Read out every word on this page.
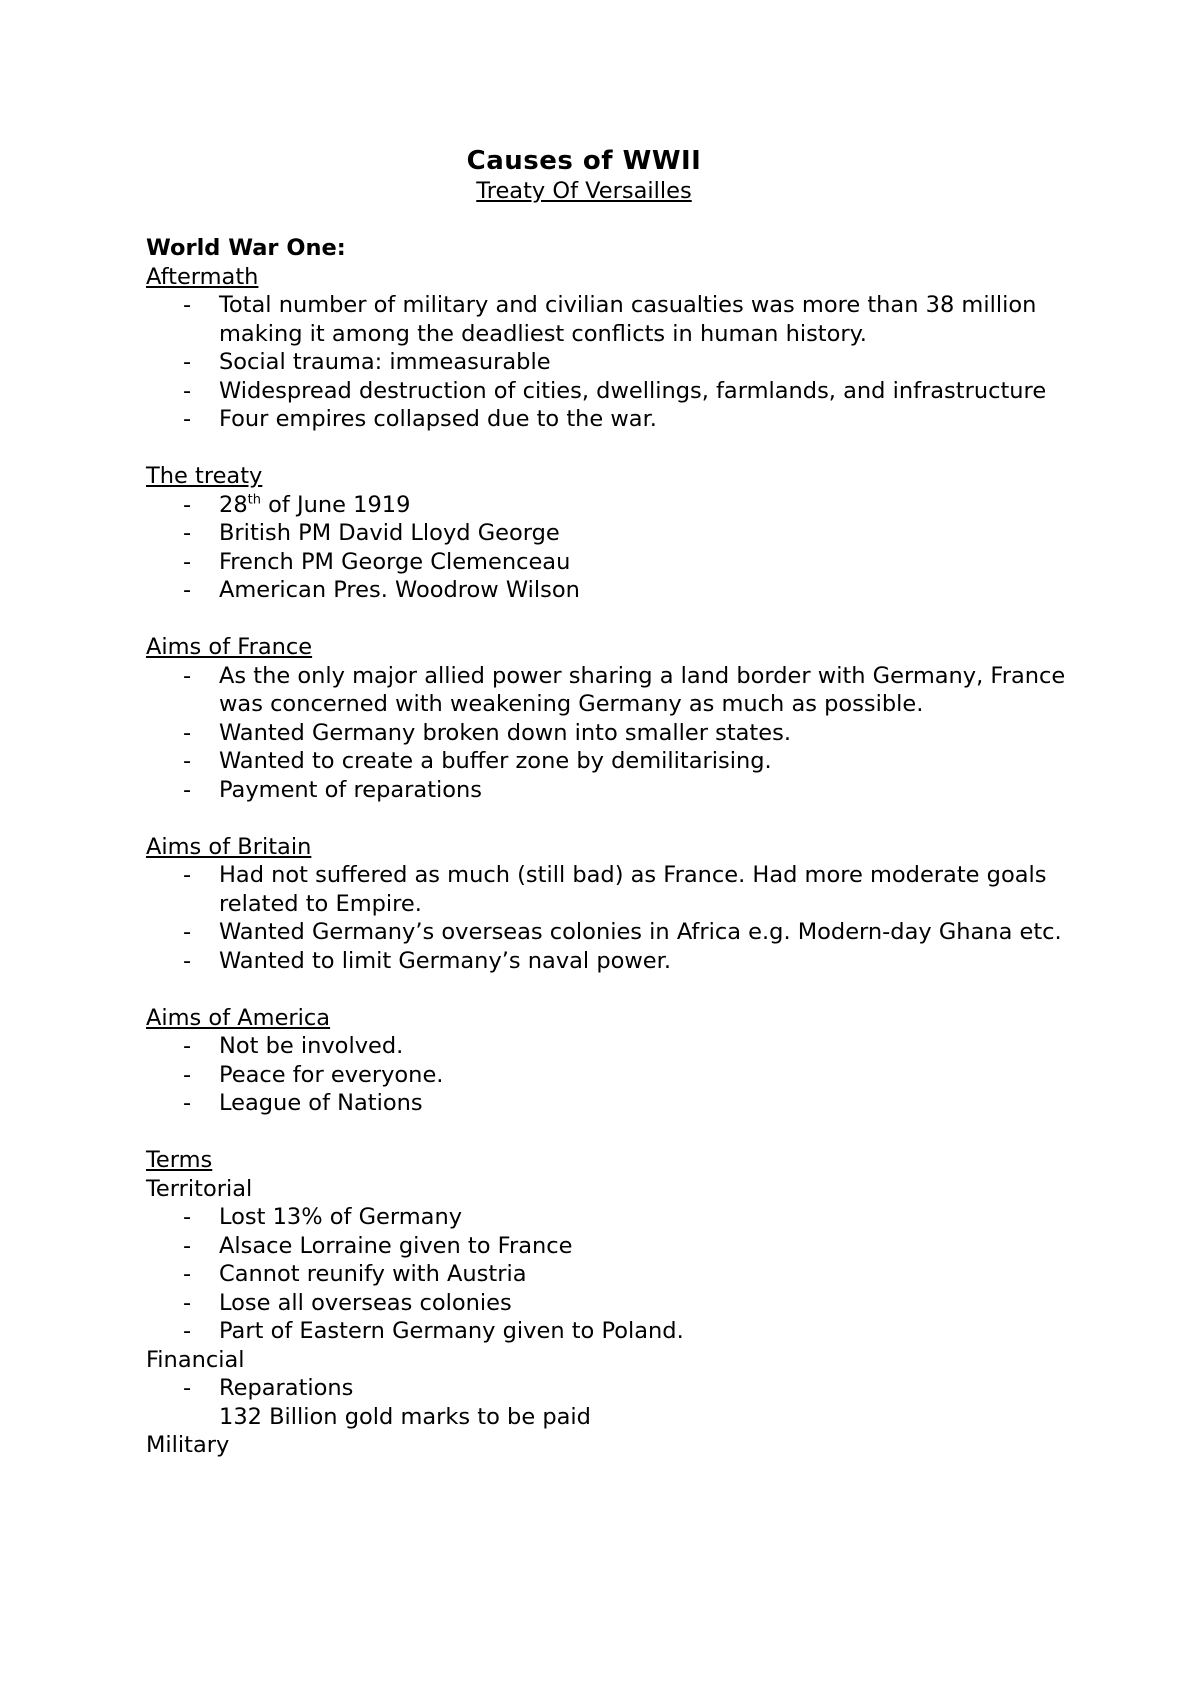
Causes of WWII
Treaty Of Versailles
World War One:
Aftermath
- Total number of military and civilian casualties was more than 38 million making it among the deadliest conflicts in human history.
- Social trauma: immeasurable
- Widespread destruction of cities, dwellings, farmlands, and infrastructure
- Four empires collapsed due to the war.
The treaty
- 28th of June 1919
- British PM David Lloyd George
- French PM George Clemenceau
- American Pres. Woodrow Wilson
Aims of France
- As the only major allied power sharing a land border with Germany, France was concerned with weakening Germany as much as possible.
- Wanted Germany broken down into smaller states.
- Wanted to create a buffer zone by demilitarising.
- Payment of reparations
Aims of Britain
- Had not suffered as much (still bad) as France. Had more moderate goals related to Empire.
- Wanted Germany’s overseas colonies in Africa e.g. Modern-day Ghana etc.
- Wanted to limit Germany’s naval power.
Aims of America
- Not be involved.
- Peace for everyone.
- League of Nations
Terms
Territorial
- Lost 13% of Germany
- Alsace Lorraine given to France
- Cannot reunify with Austria
- Lose all overseas colonies
- Part of Eastern Germany given to Poland.
Financial
- Reparations
132 Billion gold marks to be paid
Military
